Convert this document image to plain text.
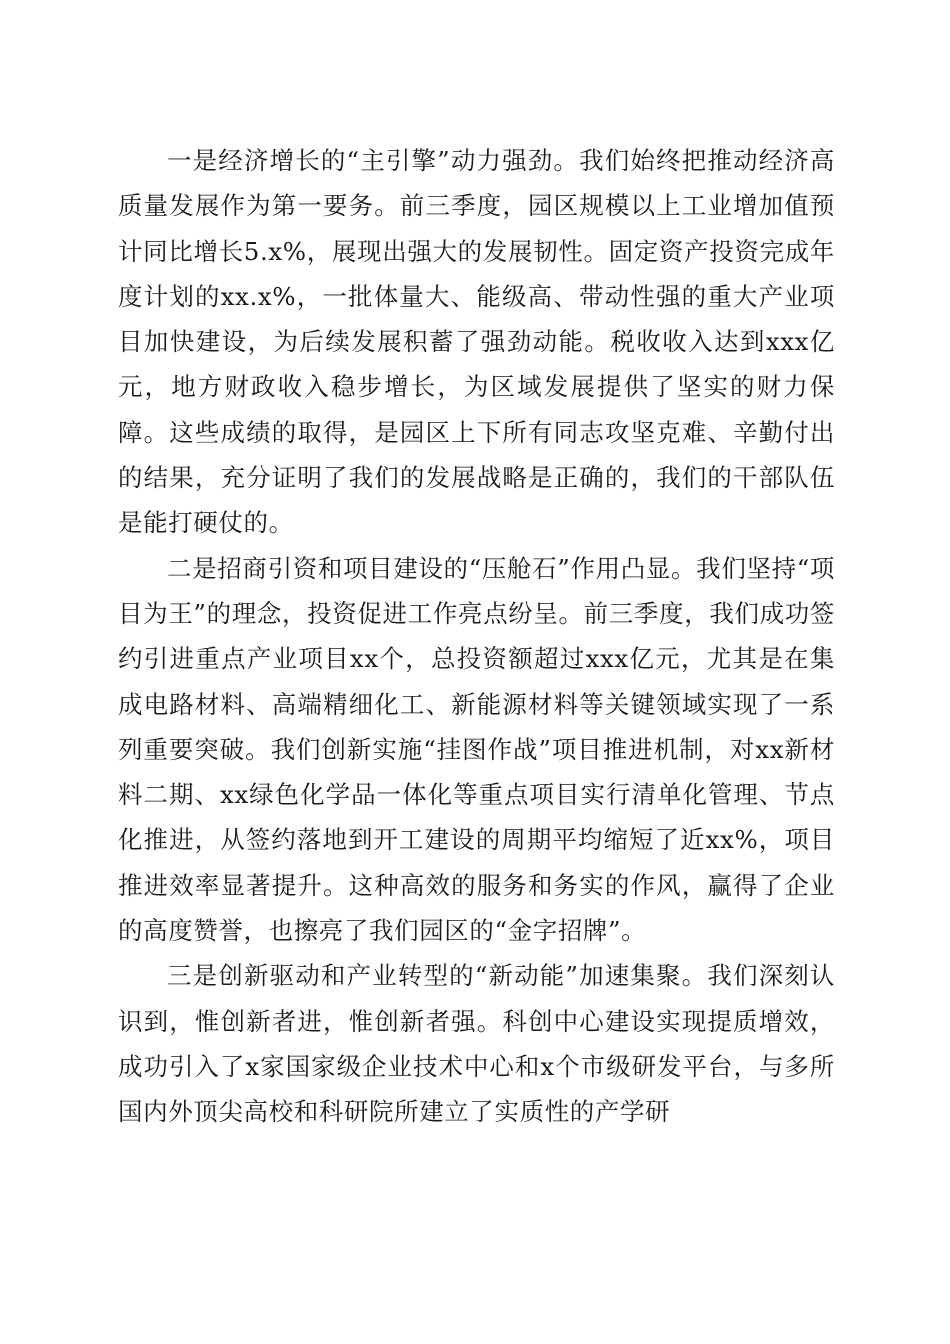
一是经济增长的“主引擎”动力强劲。我们始终把推动经济高质量发展作为第一要务。前三季度，园区规模以上工业增加值预计同比增长5.x%，展现出强大的发展韧性。固定资产投资完成年度计划的xx.x%，一批体量大、能级高、带动性强的重大产业项目加快建设，为后续发展积蓄了强劲动能。税收收入达到xxx亿元，地方财政收入稳步增长，为区域发展提供了坚实的财力保障。这些成绩的取得，是园区上下所有同志攻坚克难、辛勤付出的结果，充分证明了我们的发展战略是正确的，我们的干部队伍是能打硬仗的。

二是招商引资和项目建设的“压舱石”作用凸显。我们坚持“项目为王”的理念，投资促进工作亮点纷呈。前三季度，我们成功签约引进重点产业项目xx个，总投资额超过xxx亿元，尤其是在集成电路材料、高端精细化工、新能源材料等关键领域实现了一系列重要突破。我们创新实施“挂图作战”项目推进机制，对xx新材料二期、xx绿色化学品一体化等重点项目实行清单化管理、节点化推进，从签约落地到开工建设的周期平均缩短了近xx%，项目推进效率显著提升。这种高效的服务和务实的作风，赢得了企业的高度赞誉，也擦亮了我们园区的“金字招牌”。

三是创新驱动和产业转型的“新动能”加速集聚。我们深刻认识到，惟创新者进，惟创新者强。科创中心建设实现提质增效，成功引入了x家国家级企业技术中心和x个市级研发平台，与多所国内外顶尖高校和科研院所建立了实质性的产学研
